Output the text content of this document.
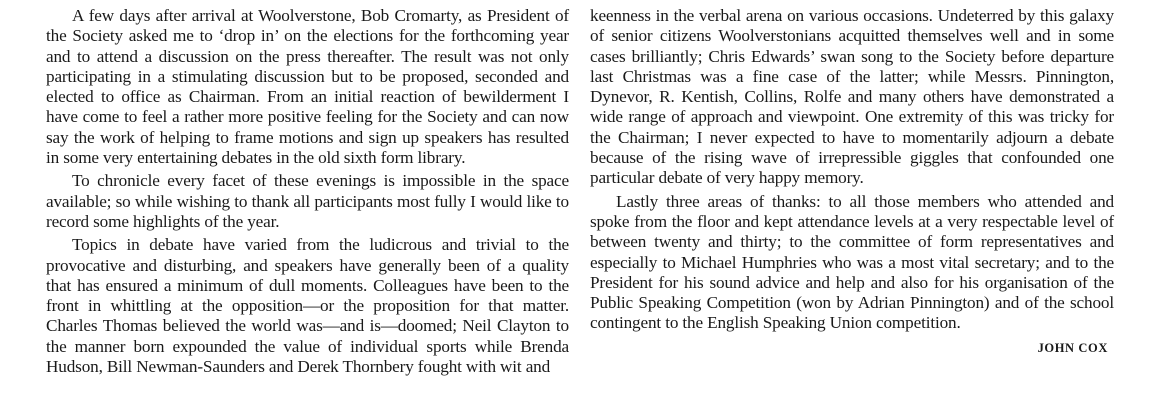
A few days after arrival at Woolverstone, Bob Cromarty, as President of the Society asked me to ‘drop in’ on the elections for the forthcoming year and to attend a discussion on the press thereafter. The result was not only participating in a stimulating discussion but to be proposed, seconded and elected to office as Chairman. From an initial reaction of bewilderment I have come to feel a rather more positive feeling for the Society and can now say the work of helping to frame motions and sign up speakers has resulted in some very entertaining debates in the old sixth form library.

To chronicle every facet of these evenings is impossible in the space available; so while wishing to thank all participants most fully I would like to record some highlights of the year.

Topics in debate have varied from the ludicrous and trivial to the provocative and disturbing, and speakers have generally been of a quality that has ensured a minimum of dull moments. Colleagues have been to the front in whittling at the opposition—or the proposition for that matter. Charles Thomas believed the world was—and is—doomed; Neil Clayton to the manner born expounded the value of individual sports while Brenda Hudson, Bill Newman-Saunders and Derek Thornbery fought with wit and

keenness in the verbal arena on various occasions. Undeterred by this galaxy of senior citizens Woolverstonians acquitted themselves well and in some cases brilliantly; Chris Edwards’ swan song to the Society before departure last Christmas was a fine case of the latter; while Messrs. Pinnington, Dynevor, R. Kentish, Collins, Rolfe and many others have demonstrated a wide range of approach and viewpoint. One extremity of this was tricky for the Chairman; I never expected to have to momentarily adjourn a debate because of the rising wave of irrepressible giggles that confounded one particular debate of very happy memory.

Lastly three areas of thanks: to all those members who attended and spoke from the floor and kept attendance levels at a very respectable level of between twenty and thirty; to the committee of form representatives and especially to Michael Humphries who was a most vital secretary; and to the President for his sound advice and help and also for his organisation of the Public Speaking Competition (won by Adrian Pinnington) and of the school contingent to the English Speaking Union competition.

JOHN COX
